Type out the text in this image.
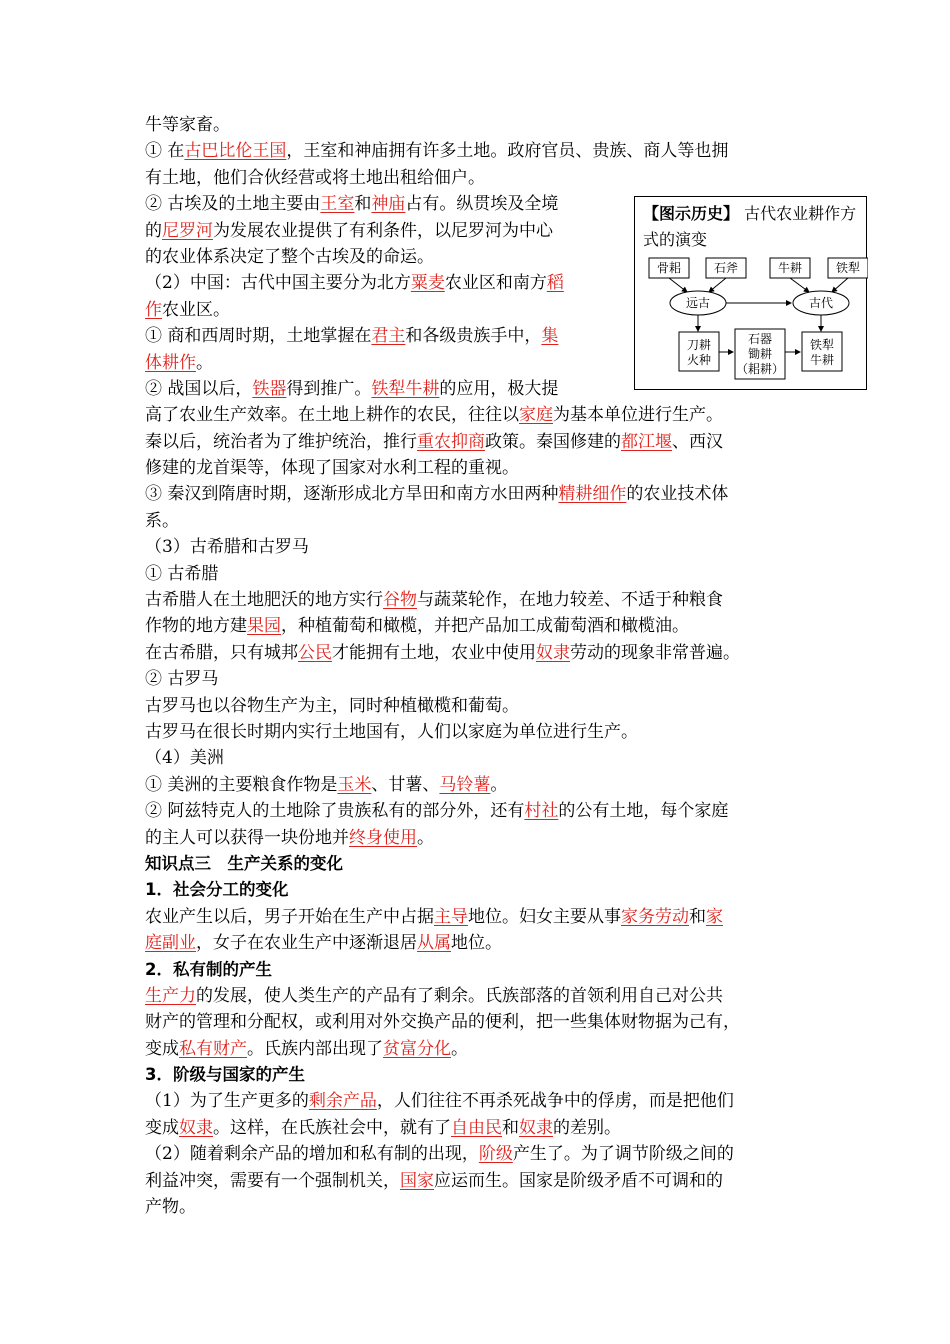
牛等家畜。
① 在古巴比伦王国，王室和神庙拥有许多土地。政府官员、贵族、商人等也拥
有土地，他们合伙经营或将土地出租给佃户。
② 古埃及的土地主要由王室和神庙占有。纵贯埃及全境
的尼罗河为发展农业提供了有利条件，以尼罗河为中心
的农业体系决定了整个古埃及的命运。
（2）中国：古代中国主要分为北方粟麦农业区和南方稻
作农业区。
① 商和西周时期，土地掌握在君主和各级贵族手中，集
体耕作。
② 战国以后，铁器得到推广。铁犁牛耕的应用，极大提
高了农业生产效率。在土地上耕作的农民，往往以家庭为基本单位进行生产。
秦以后，统治者为了维护统治，推行重农抑商政策。秦国修建的都江堰、西汉
修建的龙首渠等，体现了国家对水利工程的重视。
③ 秦汉到隋唐时期，逐渐形成北方旱田和南方水田两种精耕细作的农业技术体
系。
（3）古希腊和古罗马
① 古希腊
古希腊人在土地肥沃的地方实行谷物与蔬菜轮作，在地力较差、不适于种粮食
作物的地方建果园，种植葡萄和橄榄，并把产品加工成葡萄酒和橄榄油。
在古希腊，只有城邦公民才能拥有土地，农业中使用奴隶劳动的现象非常普遍。
② 古罗马
古罗马也以谷物生产为主，同时种植橄榄和葡萄。
古罗马在很长时期内实行土地国有，人们以家庭为单位进行生产。
（4）美洲
① 美洲的主要粮食作物是玉米、甘薯、马铃薯。
② 阿兹特克人的土地除了贵族私有的部分外，还有村社的公有土地，每个家庭
的主人可以获得一块份地并终身使用。
知识点三　生产关系的变化
1．社会分工的变化
农业产生以后，男子开始在生产中占据主导地位。妇女主要从事家务劳动和家
庭副业，女子在农业生产中逐渐退居从属地位。
2．私有制的产生
生产力的发展，使人类生产的产品有了剩余。氏族部落的首领利用自己对公共
财产的管理和分配权，或利用对外交换产品的便利，把一些集体财物据为己有，
变成私有财产。氏族内部出现了贫富分化。
3．阶级与国家的产生
（1）为了生产更多的剩余产品，人们往往不再杀死战争中的俘虏，而是把他们
变成奴隶。这样，在氏族社会中，就有了自由民和奴隶的差别。
（2）随着剩余产品的增加和私有制的出现，阶级产生了。为了调节阶级之间的
利益冲突，需要有一个强制机关，国家应运而生。国家是阶级矛盾不可调和的
产物。
【图示历史】 古代农业耕作方式的演变
骨耜	石斧	牛耕	铁犁
远古	古代
刀耕
火种
石器
锄耕
（耜耕）
铁犁
牛耕
